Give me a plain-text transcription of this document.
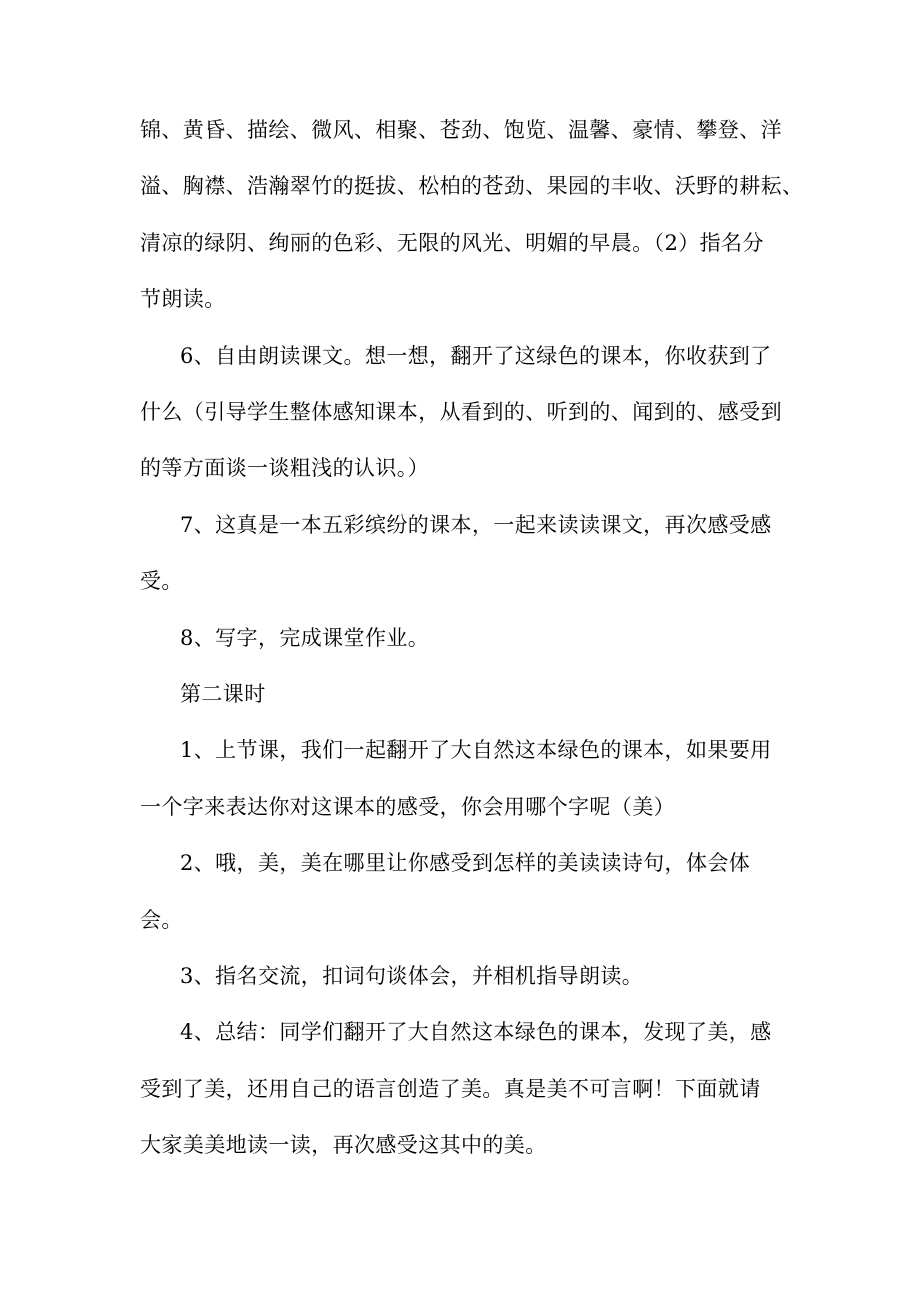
锦、黄昏、描绘、微风、相聚、苍劲、饱览、温馨、豪情、攀登、洋
溢、胸襟、浩瀚翠竹的挺拔、松柏的苍劲、果园的丰收、沃野的耕耘、
清凉的绿阴、绚丽的色彩、无限的风光、明媚的早晨。（2）指名分
节朗读。
6、自由朗读课文。想一想，翻开了这绿色的课本，你收获到了
什么（引导学生整体感知课本，从看到的、听到的、闻到的、感受到
的等方面谈一谈粗浅的认识。）
7、这真是一本五彩缤纷的课本，一起来读读课文，再次感受感
受。
8、写字，完成课堂作业。
第二课时
1、上节课，我们一起翻开了大自然这本绿色的课本，如果要用
一个字来表达你对这课本的感受，你会用哪个字呢（美）
2、哦，美，美在哪里让你感受到怎样的美读读诗句，体会体
会。
3、指名交流，扣词句谈体会，并相机指导朗读。
4、总结：同学们翻开了大自然这本绿色的课本，发现了美，感
受到了美，还用自己的语言创造了美。真是美不可言啊！下面就请
大家美美地读一读，再次感受这其中的美。
